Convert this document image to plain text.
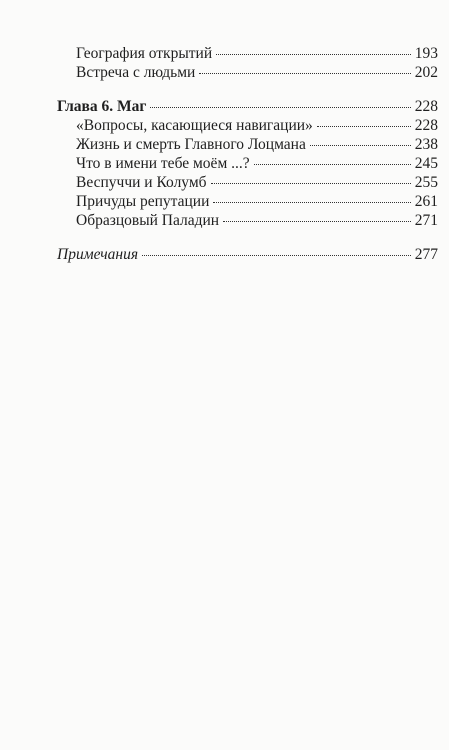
География открытий	193
Встреча с людьми	202
Глава 6. Маг	228
«Вопросы, касающиеся навигации»	228
Жизнь и смерть Главного Лоцмана	238
Что в имени тебе моём ...?	245
Веспуччи и Колумб	255
Причуды репутации	261
Образцовый Паладин	271
Примечания	277
